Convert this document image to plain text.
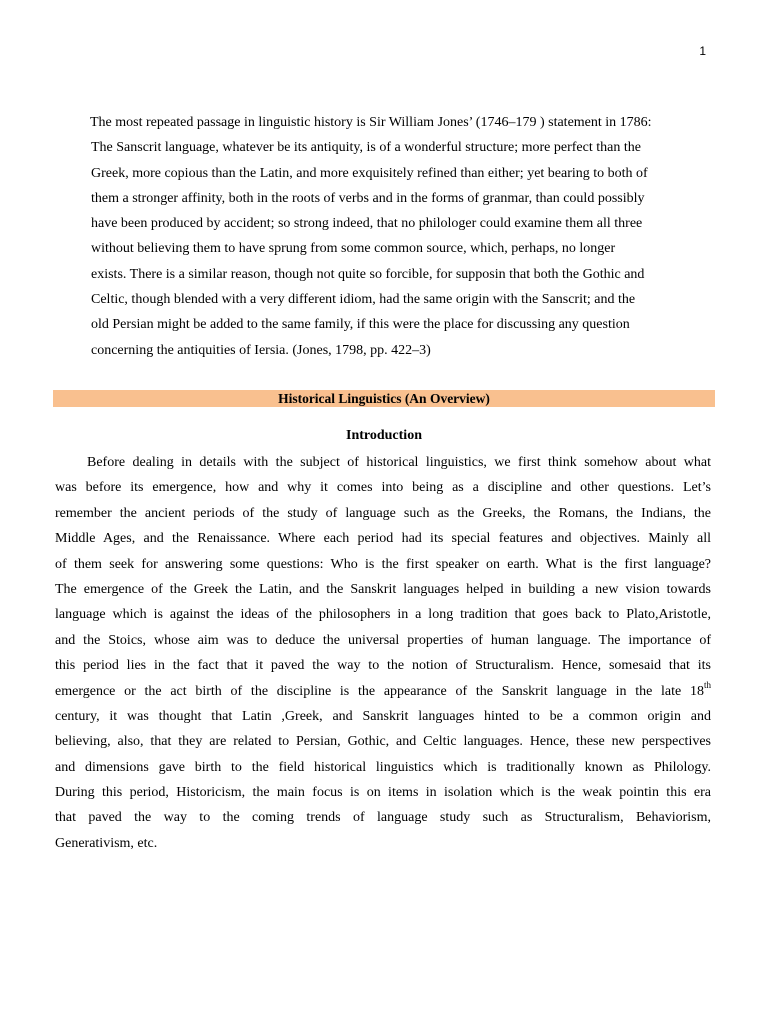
1
The most repeated passage in linguistic history is Sir William Jones’ (1746–179 ) statement in 1786:
The Sanscrit language, whatever be its antiquity, is of a wonderful structure; more perfect than the
Greek, more copious than the Latin, and more exquisitely refined than either; yet bearing to both of
them a stronger affinity, both in the roots of verbs and in the forms of granmar, than could possibly
have been produced by accident; so strong indeed, that no philologer could examine them all three
without believing them to have sprung from some common source, which, perhaps, no longer
exists. There is a similar reason, though not quite so forcible, for supposin that both the Gothic and
Celtic, though blended with a very different idiom, had the same origin with the Sanscrit; and the
old Persian might be added to the same family, if this were the place for discussing any question
concerning the antiquities of Iersia. (Jones, 1798, pp. 422–3)
Historical Linguistics (An Overview)
Introduction
Before dealing in details with the subject of historical linguistics, we first think somehow about what
was before its emergence, how and why it comes into being as a discipline and other questions. Let’s
remember the ancient periods of the study of language such as the Greeks, the Romans, the Indians, the
Middle Ages, and the Renaissance. Where each period had its special features and objectives. Mainly all
of them seek for answering some questions: Who is the first speaker on earth. What is the first language?
The emergence of the Greek the Latin, and the Sanskrit languages helped in building a new vision towards
language which is against the ideas of the philosophers in a long tradition that goes back to Plato,Aristotle,
and the Stoics, whose aim was to deduce the universal properties of human language. The importance of
this period lies in the fact that it paved the way to the notion of Structuralism. Hence, somesaid that its
emergence or the act birth of the discipline is the appearance of the Sanskrit language in the late 18th
century, it was thought that Latin ,Greek, and Sanskrit languages hinted to be a common origin and
believing, also, that they are related to Persian, Gothic, and Celtic languages. Hence, these new perspectives
and dimensions gave birth to the field historical linguistics which is traditionally known as Philology.
During this period, Historicism, the main focus is on items in isolation which is the weak pointin this era
that paved the way to the coming trends of language study such as Structuralism, Behaviorism,
Generativism, etc.
